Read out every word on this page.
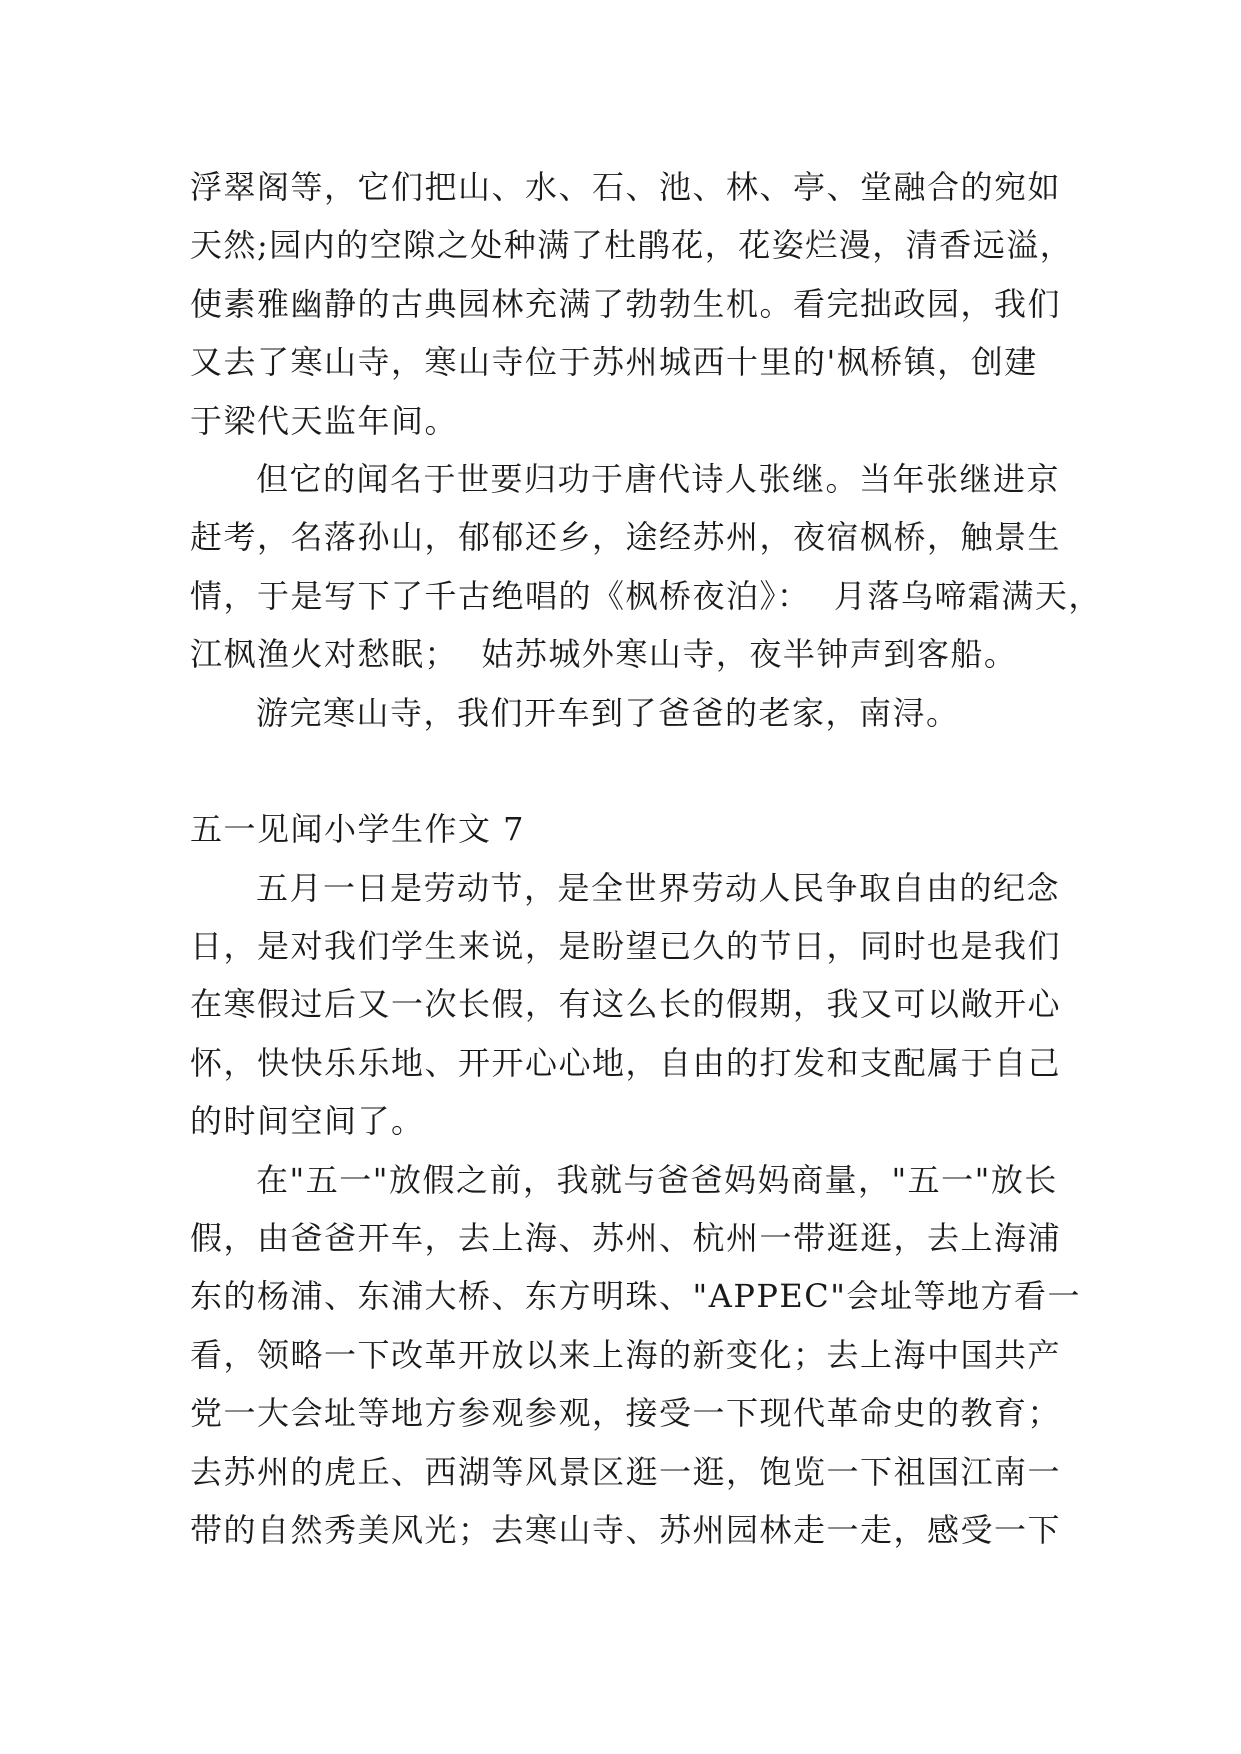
浮翠阁等，它们把山、水、石、池、林、亭、堂融合的宛如
天然;园内的空隙之处种满了杜鹃花，花姿烂漫，清香远溢，
使素雅幽静的古典园林充满了勃勃生机。看完拙政园，我们
又去了寒山寺，寒山寺位于苏州城西十里的'枫桥镇，创建
于梁代天监年间。
但它的闻名于世要归功于唐代诗人张继。当年张继进京
赶考，名落孙山，郁郁还乡，途经苏州，夜宿枫桥，触景生
情，于是写下了千古绝唱的《枫桥夜泊》：  月落乌啼霜满天，
江枫渔火对愁眠；  姑苏城外寒山寺，夜半钟声到客船。
游完寒山寺，我们开车到了爸爸的老家，南浔。
五一见闻小学生作文 7
五月一日是劳动节，是全世界劳动人民争取自由的纪念
日，是对我们学生来说，是盼望已久的节日，同时也是我们
在寒假过后又一次长假，有这么长的假期，我又可以敞开心
怀，快快乐乐地、开开心心地，自由的打发和支配属于自己
的时间空间了。
在"五一"放假之前，我就与爸爸妈妈商量，"五一"放长
假，由爸爸开车，去上海、苏州、杭州一带逛逛，去上海浦
东的杨浦、东浦大桥、东方明珠、"APPEC"会址等地方看一
看，领略一下改革开放以来上海的新变化；去上海中国共产
党一大会址等地方参观参观，接受一下现代革命史的教育；
去苏州的虎丘、西湖等风景区逛一逛，饱览一下祖国江南一
带的自然秀美风光；去寒山寺、苏州园林走一走，感受一下
